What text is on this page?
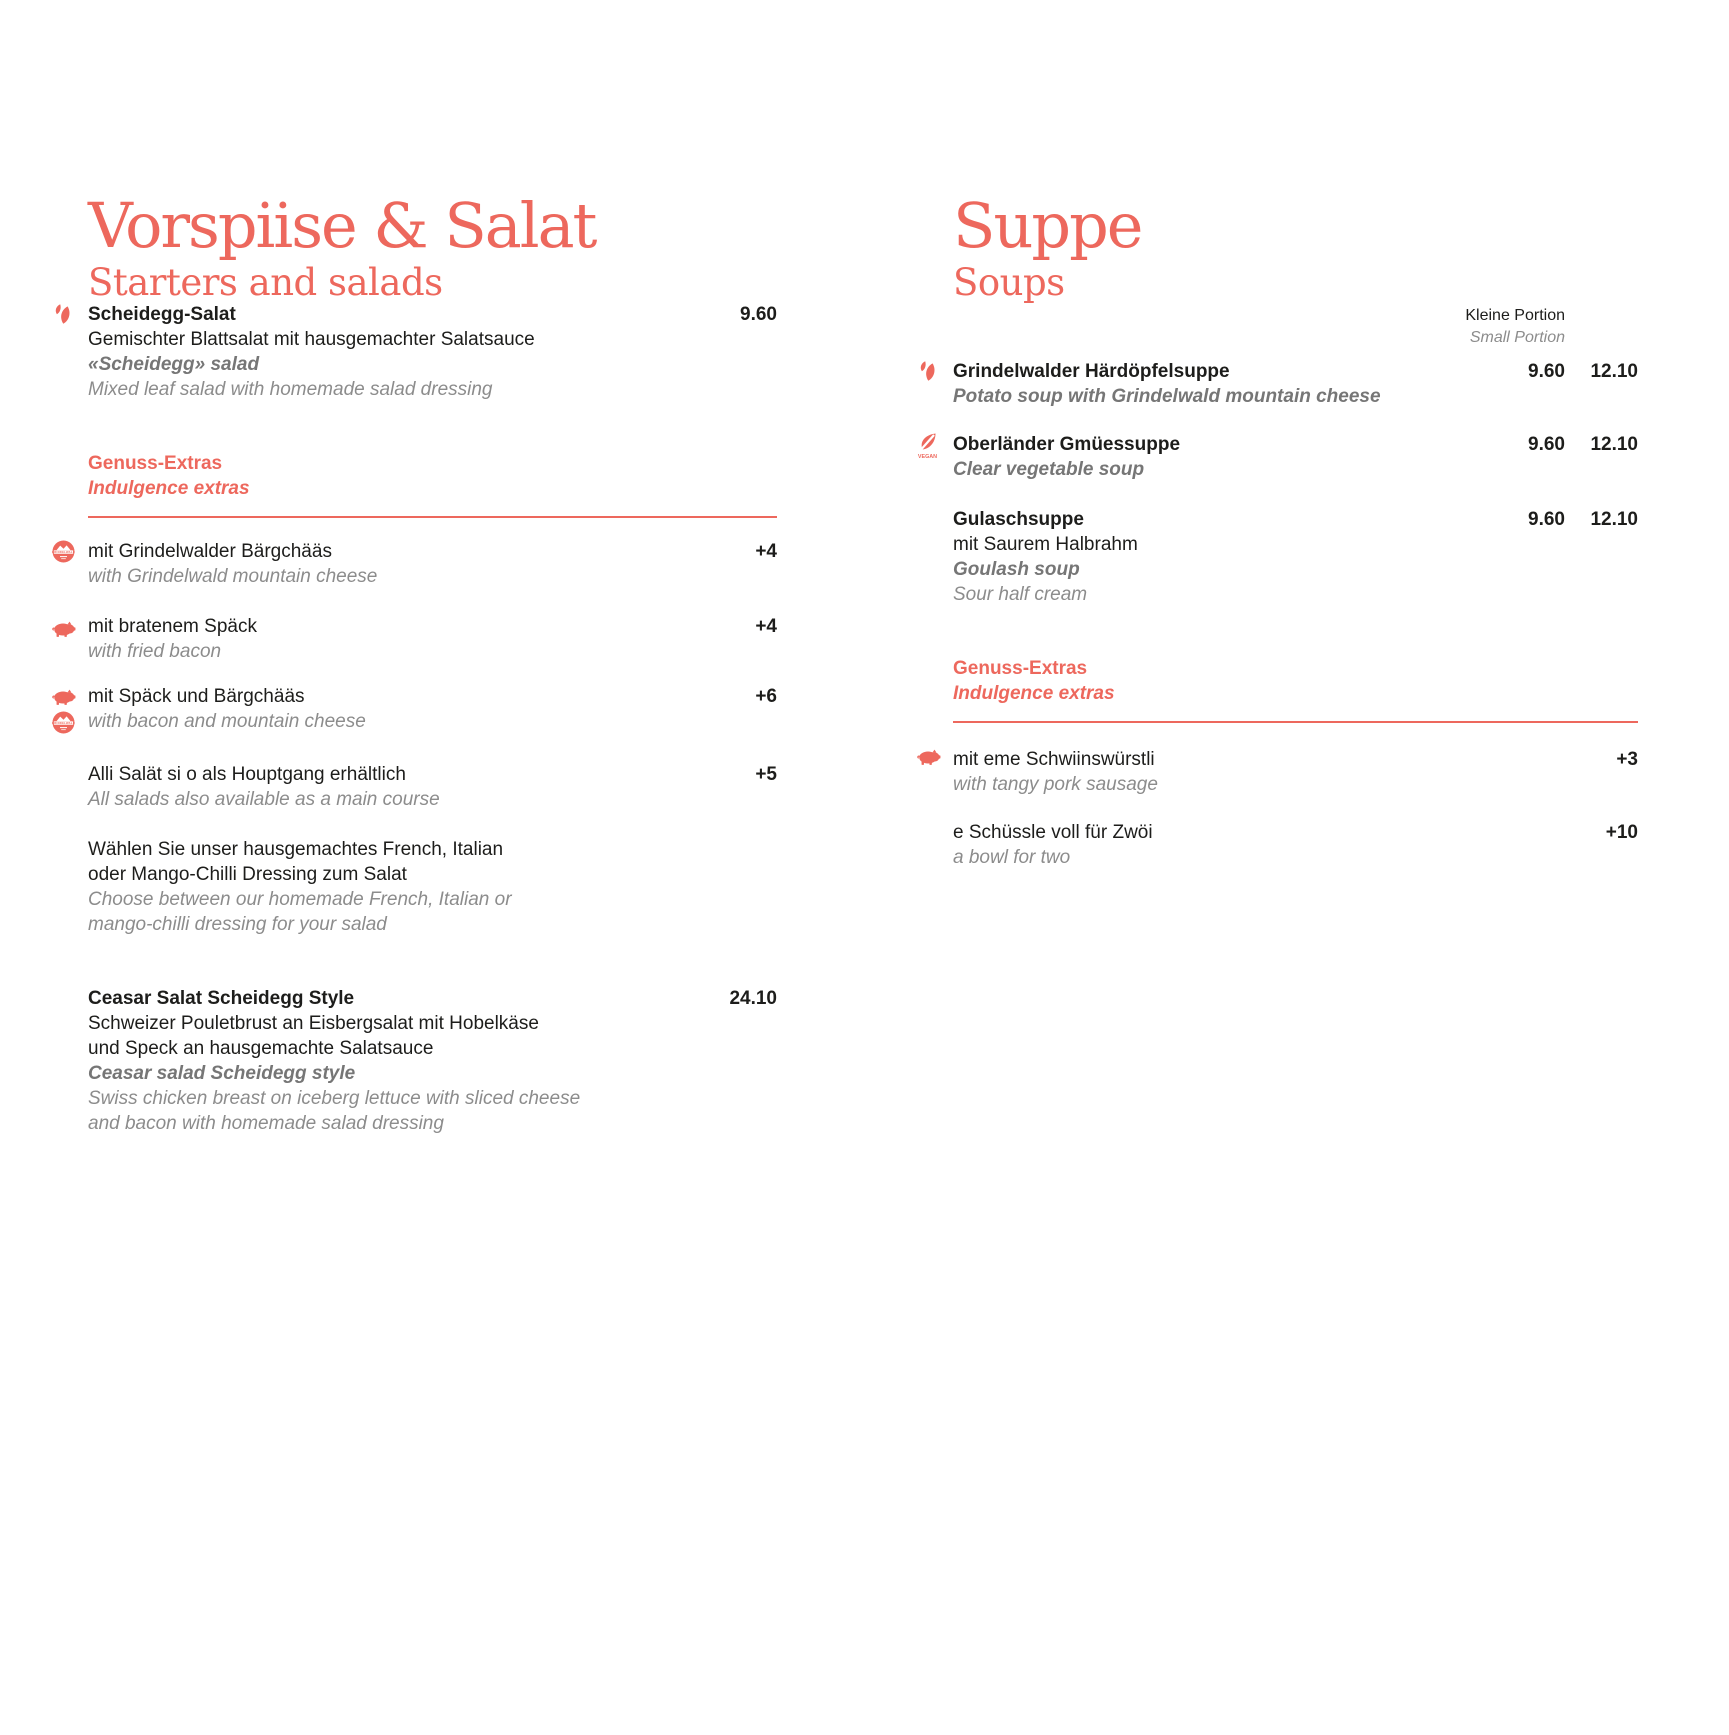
Vorspiise & Salat
Starters and salads
Scheidegg-Salat
Gemischter Blattsalat mit hausgemachter Salatsauce
«Scheidegg» salad
Mixed leaf salad with homemade salad dressing
9.60
Genuss-Extras
Indulgence extras
GRINDELWALD mit Grindelwalder Bärgchääs
with Grindelwald mountain cheese
+4
mit bratenem Späck
with fried bacon
+4
GRINDELWALD
mit Späck und Bärgchääs
with bacon and mountain cheese
+6
Alli Salät si o als Houptgang erhältlich
All salads also available as a main course
+5
Wählen Sie unser hausgemachtes French, Italian
oder Mango-Chilli Dressing zum Salat
Choose between our homemade French, Italian or
mango-chilli dressing for your salad
Ceasar Salat Scheidegg Style
Schweizer Pouletbrust an Eisbergsalat mit Hobelkäse
und Speck an hausgemachte Salatsauce
Ceasar salad Scheidegg style
Swiss chicken breast on iceberg lettuce with sliced cheese
and bacon with homemade salad dressing
24.10
Suppe
Soups
Kleine Portion
Small Portion
Grindelwalder Härdöpfelsuppe
Potato soup with Grindelwald mountain cheese
9.60	12.10
VEGAN
Oberländer Gmüessuppe
Clear vegetable soup
9.60	12.10
Gulaschsuppe
mit Saurem Halbrahm
Goulash soup
Sour half cream
9.60	12.10
Genuss-Extras
Indulgence extras
mit eme Schwiinswürstli
with tangy pork sausage
+3
e Schüssle voll für Zwöi
a bowl for two
+10
